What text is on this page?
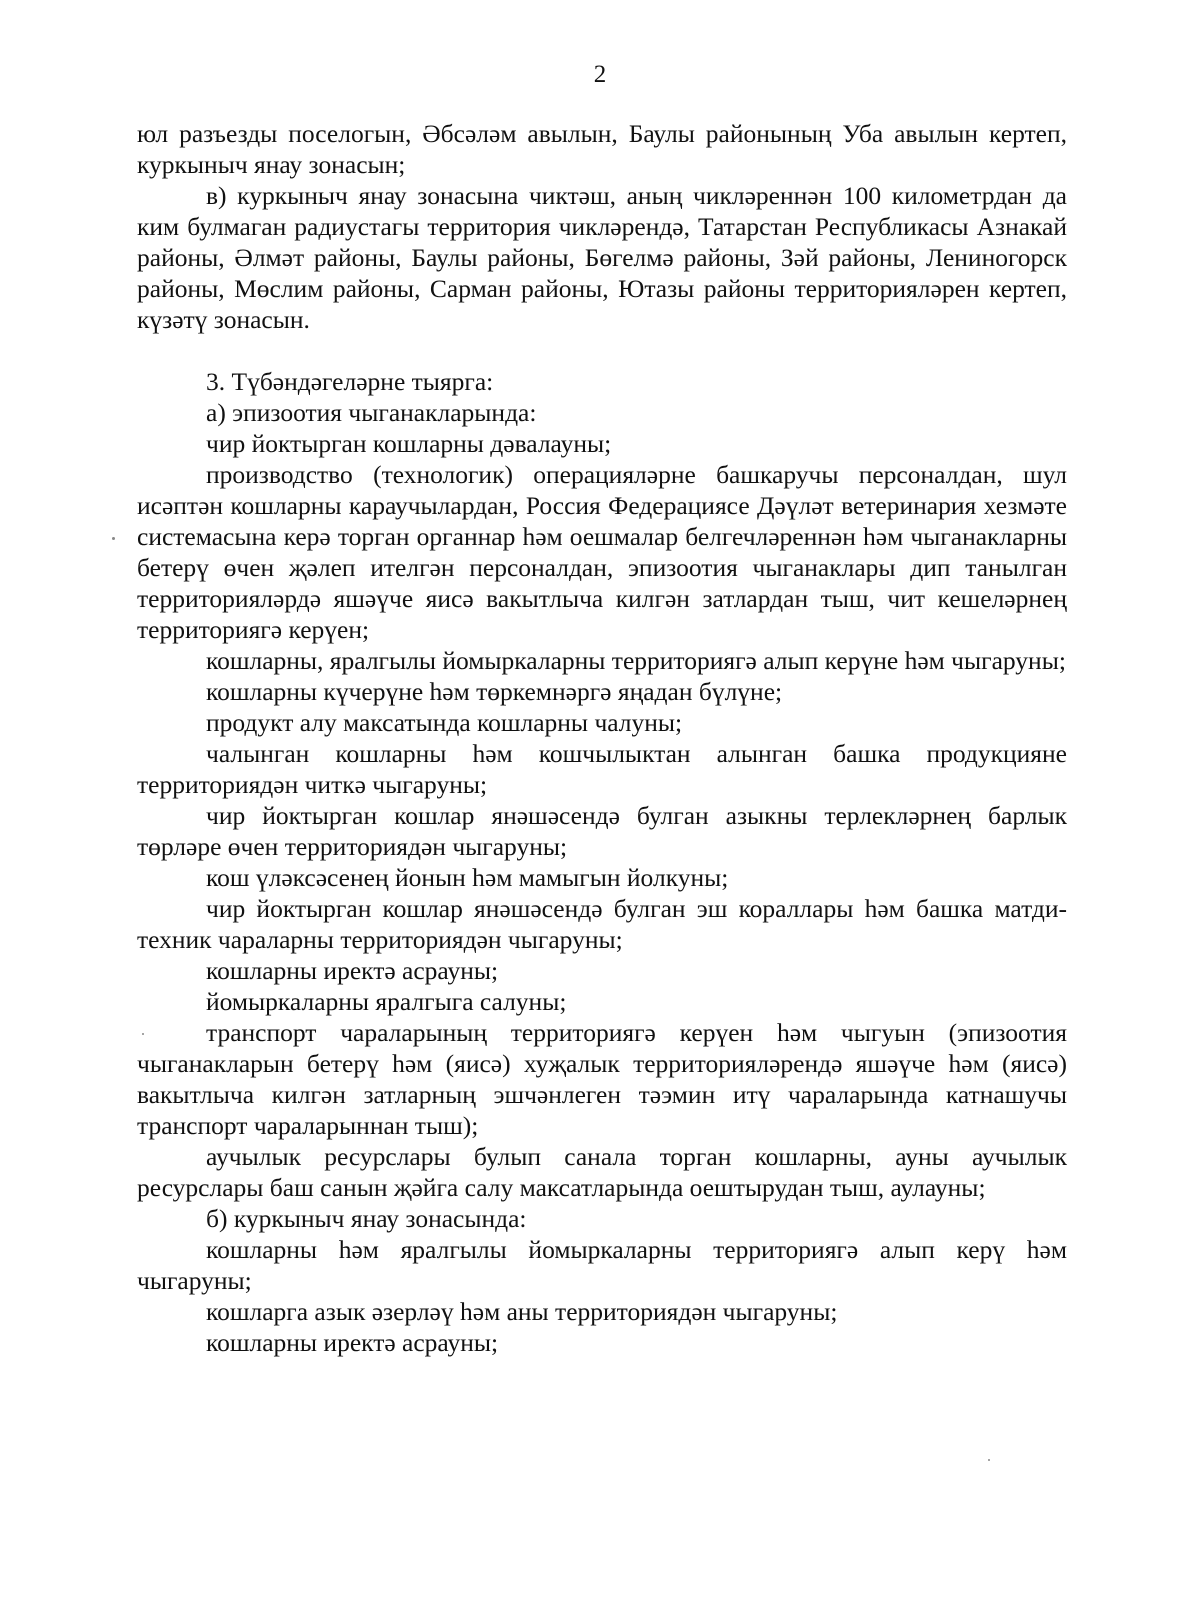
2

юл разъезды поселогын, Әбсәләм авылын, Баулы районының Уба авылын кертеп, куркыныч янау зонасын;

в) куркыныч янау зонасына чиктәш, аның чикләреннән 100 километрдан да ким булмаган радиустагы территория чикләрендә, Татарстан Республикасы Азнакай районы, Әлмәт районы, Баулы районы, Бөгелмә районы, Зәй районы, Лениногорск районы, Мөслим районы, Сарман районы, Ютазы районы территорияләрен кертеп, күзәтү зонасын.

3. Түбәндәгеләрне тыярга:

а) эпизоотия чыганакларында:

чир йоктырган кошларны дәвалауны;

производство (технологик) операцияләрне башкаручы персоналдан, шул исәптән кошларны караучылардан, Россия Федерациясе Дәүләт ветеринария хезмәте системасына керә торган органнар һәм оешмалар белгечләреннән һәм чыганакларны бетерү өчен җәлеп ителгән персоналдан, эпизоотия чыганаклары дип танылган территорияләрдә яшәүче яисә вакытлыча килгән затлардан тыш, чит кешеләрнең территориягә керүен;

кошларны, яралгылы йомыркаларны территориягә алып керүне һәм чыгаруны;

кошларны күчерүне һәм төркемнәргә яңадан бүлүне;

продукт алу максатында кошларны чалуны;

чалынган кошларны һәм кошчылыктан алынган башка продукцияне территориядән читкә чыгаруны;

чир йоктырган кошлар янәшәсендә булган азыкны терлекләрнең барлык төрләре өчен территориядән чыгаруны;

кош үләксәсенең йонын һәм мамыгын йолкуны;

чир йоктырган кошлар янәшәсендә булган эш кораллары һәм башка матди-техник чараларны территориядән чыгаруны;

кошларны иректә асрауны;

йомыркаларны яралгыга салуны;

транспорт чараларының территориягә керүен һәм чыгуын (эпизоотия чыганакларын бетерү һәм (яисә) хуҗалык территорияләрендә яшәүче һәм (яисә) вакытлыча килгән затларның эшчәнлеген тәэмин итү чараларында катнашучы транспорт чараларыннан тыш);

аучылык ресурслары булып санала торган кошларны, ауны аучылык ресурслары баш санын җәйга салу максатларында оештырудан тыш, аулауны;

б) куркыныч янау зонасында:

кошларны һәм яралгылы йомыркаларны территориягә алып керү һәм чыгаруны;

кошларга азык әзерләү һәм аны территориядән чыгаруны;

кошларны иректә асрауны;
